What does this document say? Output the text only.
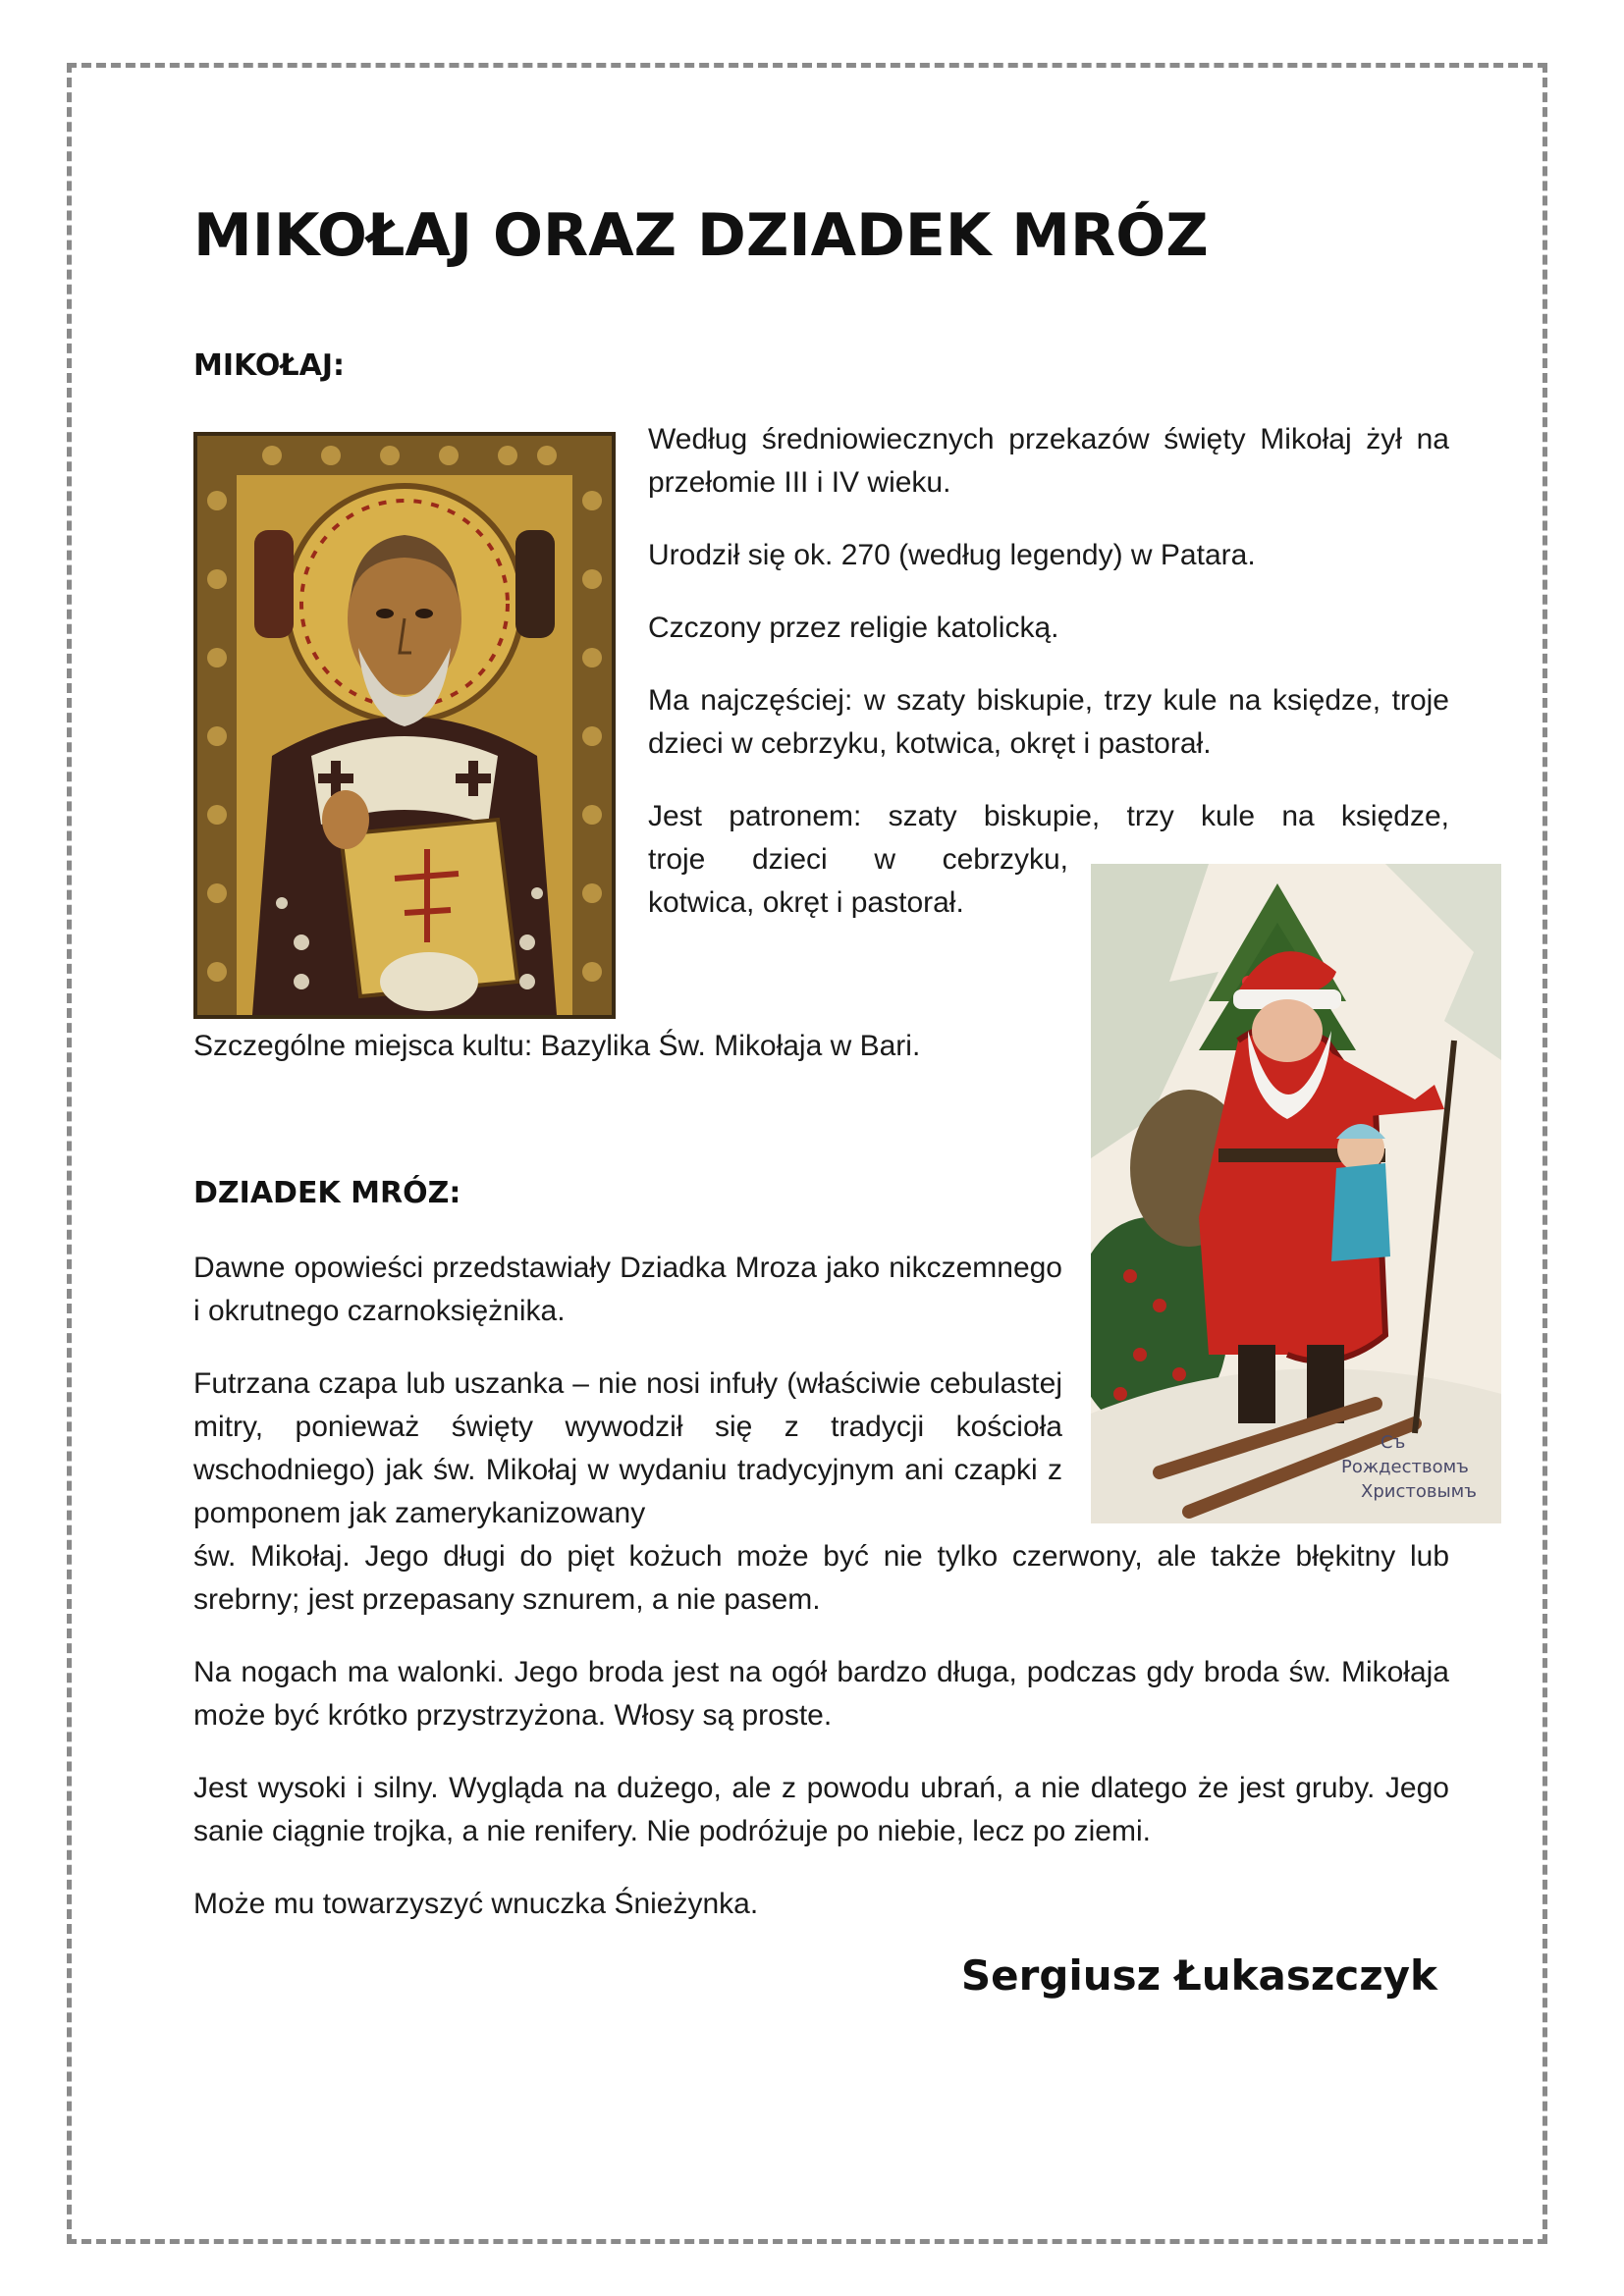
MIKOŁAJ ORAZ DZIADEK MRÓZ
MIKOŁAJ:

Według średniowiecznych przekazów święty Mikołaj żył na przełomie III i IV wieku.

Urodził się ok. 270 (według legendy) w Patara.

Czczony przez religie katolicką.

Ma najczęściej: w szaty biskupie, trzy kule na księdze, troje dzieci w cebrzyku, kotwica, okręt i pastorał.

Jest patronem: szaty biskupie, trzy kule na księdze,

troje dzieci w cebrzyku,

kotwica, okręt i pastorał.

Szczególne miejsca kultu: Bazylika Św. Mikołaja w Bari.

Съ
Рождествомъ
Христовымъ
DZIADEK MRÓZ:

Dawne opowieści przedstawiały Dziadka Mroza jako nikczemnego i okrutnego czarnoksiężnika.

Futrzana czapa lub uszanka – nie nosi infuły (właściwie cebulastej mitry, ponieważ święty wywodził się z tradycji kościoła wschodniego) jak św. Mikołaj w wydaniu tradycyjnym ani czapki z pomponem jak zamerykanizowany

św. Mikołaj. Jego długi do pięt kożuch może być nie tylko czerwony, ale także błękitny lub srebrny; jest przepasany sznurem, a nie pasem.

Na nogach ma walonki. Jego broda jest na ogół bardzo długa, podczas gdy broda św. Mikołaja może być krótko przystrzyżona. Włosy są proste.

Jest wysoki i silny. Wygląda na dużego, ale z powodu ubrań, a nie dlatego że jest gruby. Jego sanie ciągnie trojka, a nie renifery. Nie podróżuje po niebie, lecz po ziemi.

Może mu towarzyszyć wnuczka Śnieżynka.

Sergiusz Łukaszczyk
